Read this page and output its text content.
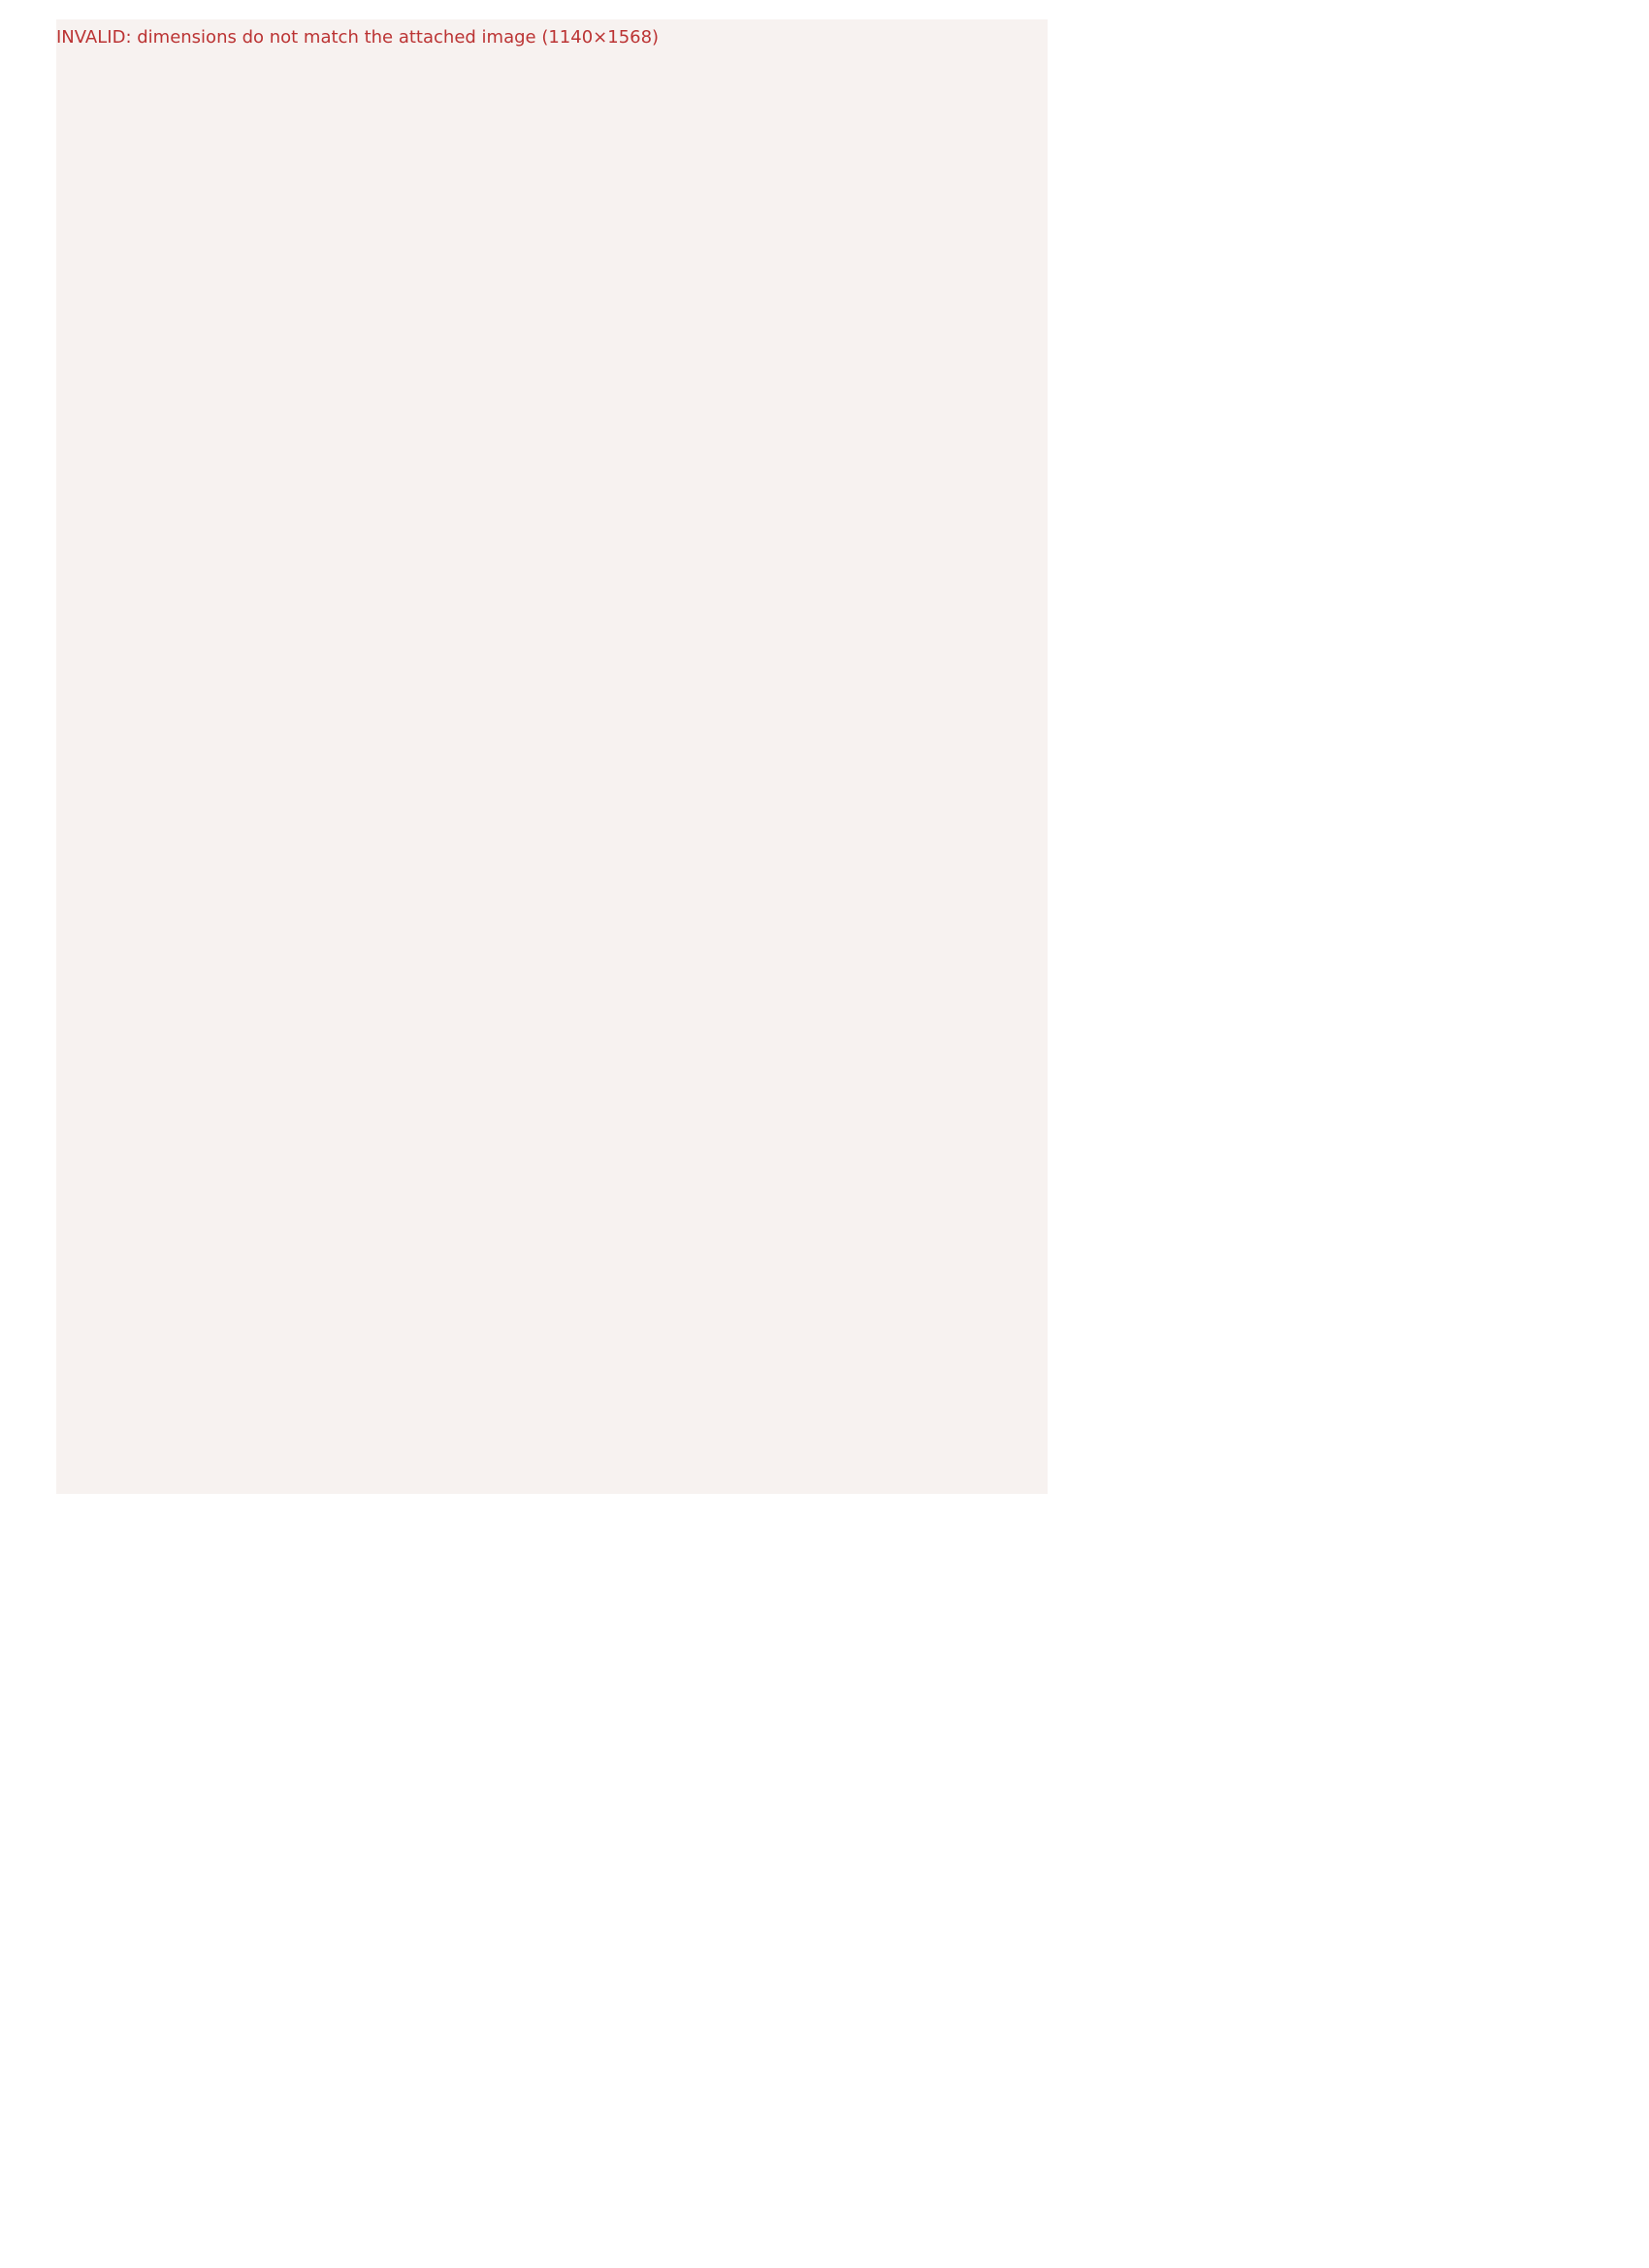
INVALID: dimensions do not match the attached image (1140×1568)
